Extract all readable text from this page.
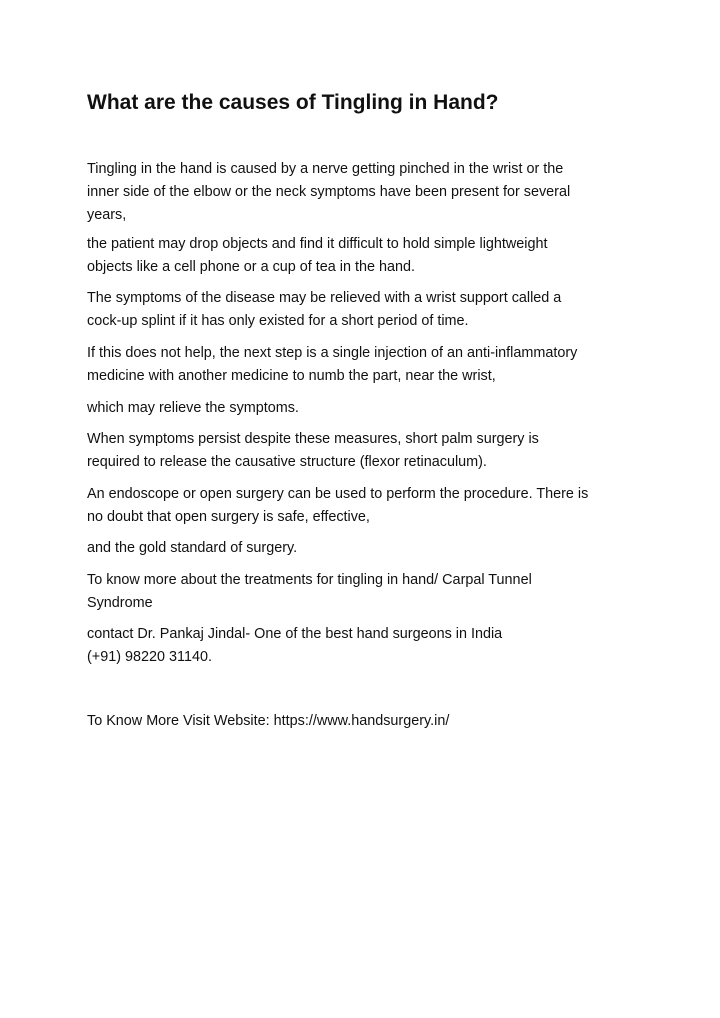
What are the causes of Tingling in Hand?

Tingling in the hand is caused by a nerve getting pinched in the wrist or the
inner side of the elbow or the neck symptoms have been present for several
years,

the patient may drop objects and find it difficult to hold simple lightweight
objects like a cell phone or a cup of tea in the hand.

The symptoms of the disease may be relieved with a wrist support called a
cock-up splint if it has only existed for a short period of time.

If this does not help, the next step is a single injection of an anti-inflammatory
medicine with another medicine to numb the part, near the wrist,

which may relieve the symptoms.

When symptoms persist despite these measures, short palm surgery is
required to release the causative structure (flexor retinaculum).

An endoscope or open surgery can be used to perform the procedure. There is
no doubt that open surgery is safe, effective,

and the gold standard of surgery.

To know more about the treatments for tingling in hand/ Carpal Tunnel
Syndrome

contact Dr. Pankaj Jindal- One of the best hand surgeons in India
(+91) 98220 31140.

To Know More Visit Website: https://www.handsurgery.in/
